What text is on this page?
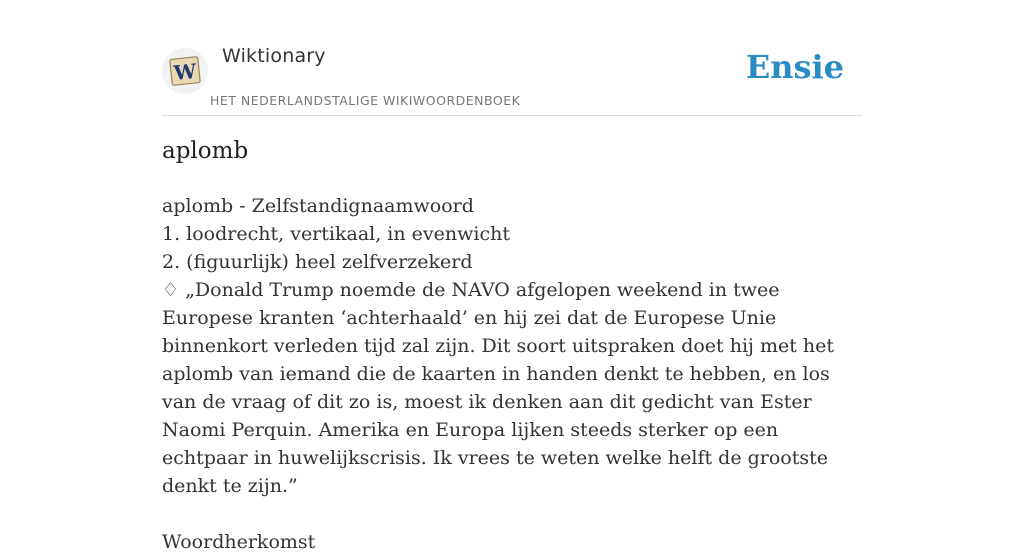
W
Wiktionary
HET NEDERLANDSTALIGE WIKIWOORDENBOEK
Ensie
aplomb

aplomb - Zelfstandignaamwoord

1. loodrecht, vertikaal, in evenwicht

2. (figuurlijk) heel zelfverzekerd

♢ „Donald Trump noemde de NAVO afgelopen weekend in twee Europese kranten ‘achterhaald’ en hij zei dat de Europese Unie binnenkort verleden tijd zal zijn. Dit soort uitspraken doet hij met het aplomb van iemand die de kaarten in handen denkt te hebben, en los van de vraag of dit zo is, moest ik denken aan dit gedicht van Ester Naomi Perquin. Amerika en Europa lijken steeds sterker op een echtpaar in huwelijkscrisis. Ik vrees te weten welke helft de grootste denkt te zijn.”

Woordherkomst
